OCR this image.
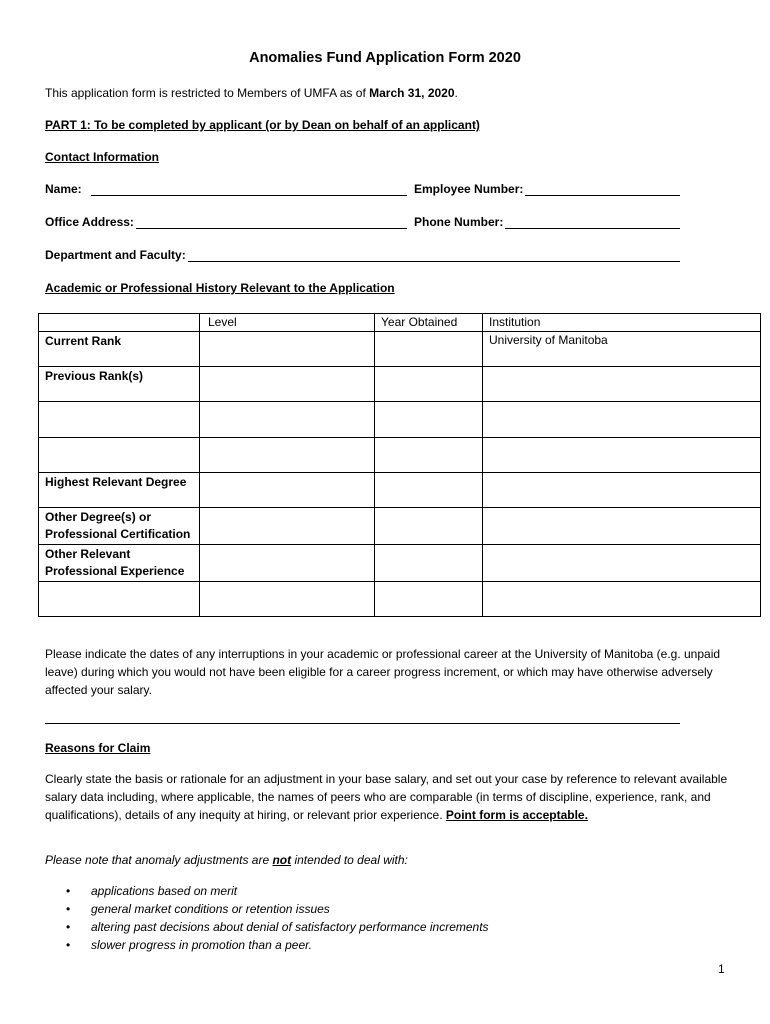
Anomalies Fund Application Form 2020
This application form is restricted to Members of UMFA as of March 31, 2020.
PART 1: To be completed by applicant (or by Dean on behalf of an applicant)
Contact Information
Name:	Employee Number:
Office Address:	Phone Number:
Department and Faculty:
Academic or Professional History Relevant to the Application
	Level	Year Obtained	Institution
Current Rank			University of Manitoba
Previous Rank(s)			

Highest Relevant Degree			
Other Degree(s) or Professional Certification			
Other Relevant Professional Experience			

Please indicate the dates of any interruptions in your academic or professional career at the University of Manitoba (e.g. unpaid leave) during which you would not have been eligible for a career progress increment, or which may have otherwise adversely affected your salary.
Reasons for Claim
Clearly state the basis or rationale for an adjustment in your base salary, and set out your case by reference to relevant available salary data including, where applicable, the names of peers who are comparable (in terms of discipline, experience, rank, and qualifications), details of any inequity at hiring, or relevant prior experience. Point form is acceptable.
Please note that anomaly adjustments are not intended to deal with:
• applications based on merit
• general market conditions or retention issues
• altering past decisions about denial of satisfactory performance increments
• slower progress in promotion than a peer.
1
